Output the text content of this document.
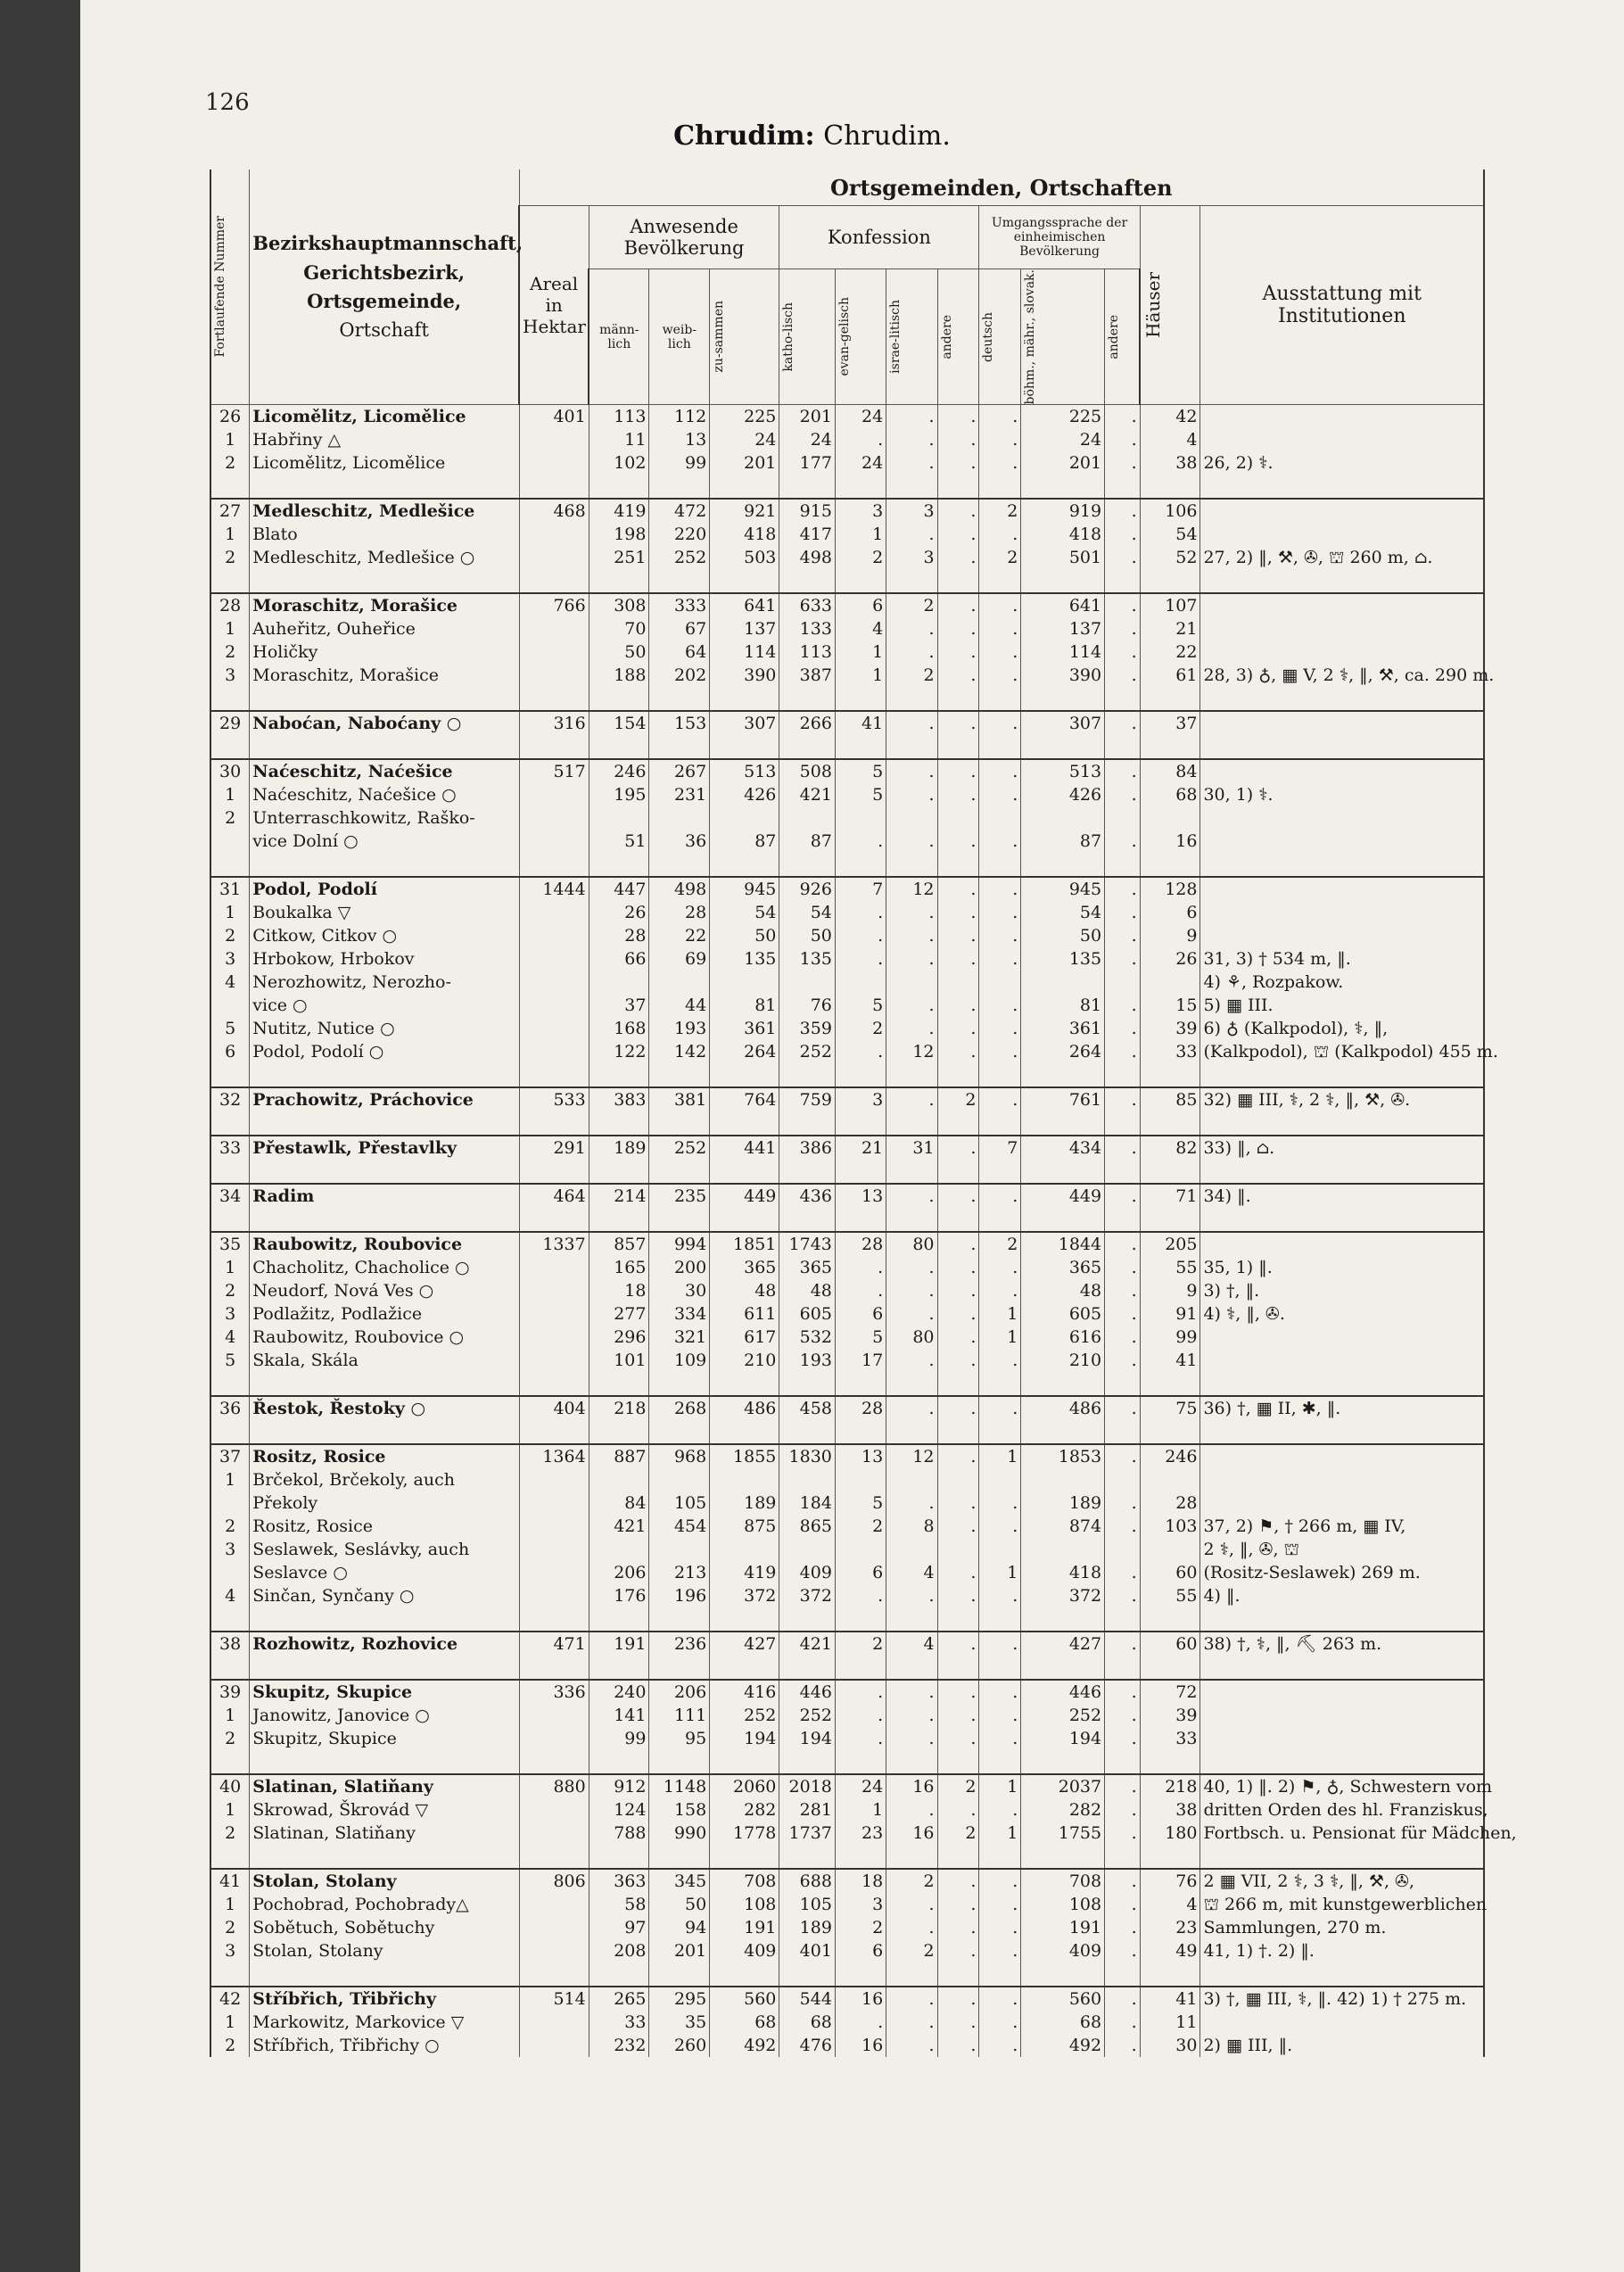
126
Chrudim: Chrudim.
Fortlaufende Nummer	Bezirkshauptmannschaft,
Gerichtsbezirk,
Ortsgemeinde,
Ortschaft	Ortsgemeinden, Ortschaften												
		Areal in Hektar	Anwesende Bevölkerung			Konfession				Umgangssprache der einheimischen Bevölkerung			Häuser	Ausstattung mit Institutionen
			männ-lich	weib-lich	zu-sammen	katho-lisch	evan-gelisch	israe-litisch	andere	deutsch	böhm., mähr., slovak.	andere		

26	Licomělitz, Licomělice	401	113	112	225	201	24	.	.	.	225	.	42	
1	Habřiny △		11	13	24	24	.	.	.	.	24	.	4	
2	Licomělitz, Licomělice		102	99	201	177	24	.	.	.	201	.	38	26, 2) ⚕.

27	Medleschitz, Medlešice	468	419	472	921	915	3	3	.	2	919	.	106	
1	Blato		198	220	418	417	1	.	.	.	418	.	54	
2	Medleschitz, Medlešice ○		251	252	503	498	2	3	.	2	501	.	52	27, 2) ‖, ⚒, ✇, ⛫ 260 m, ⌂.

28	Moraschitz, Morašice	766	308	333	641	633	6	2	.	.	641	.	107	
1	Auheřitz, Ouheřice		70	67	137	133	4	.	.	.	137	.	21	
2	Holičky		50	64	114	113	1	.	.	.	114	.	22	
3	Moraschitz, Morašice		188	202	390	387	1	2	.	.	390	.	61	28, 3) ♁, ▦ V, 2 ⚕, ‖, ⚒, ca. 290 m.

29	Naboćan, Naboćany ○	316	154	153	307	266	41	.	.	.	307	.	37	

30	Naćeschitz, Naćešice	517	246	267	513	508	5	.	.	.	513	.	84	
1	Naćeschitz, Naćešice ○		195	231	426	421	5	.	.	.	426	.	68	30, 1) ⚕.
2	Unterraschkowitz, Raško-													
	vice Dolní ○		51	36	87	87	.	.	.	.	87	.	16	

31	Podol, Podolí	1444	447	498	945	926	7	12	.	.	945	.	128	
1	Boukalka ▽		26	28	54	54	.	.	.	.	54	.	6	
2	Citkow, Citkov ○		28	22	50	50	.	.	.	.	50	.	9	
3	Hrbokow, Hrbokov		66	69	135	135	.	.	.	.	135	.	26	31, 3) † 534 m, ‖.
4	Nerozhowitz, Nerozho-													4) ⚘, Rozpakow.
	vice ○		37	44	81	76	5	.	.	.	81	.	15	5) ▦ III.
5	Nutitz, Nutice ○		168	193	361	359	2	.	.	.	361	.	39	6) ♁ (Kalkpodol), ⚕, ‖,
6	Podol, Podolí ○		122	142	264	252	.	12	.	.	264	.	33	(Kalkpodol), ⛫ (Kalkpodol) 455 m.

32	Prachowitz, Práchovice	533	383	381	764	759	3	.	2	.	761	.	85	32) ▦ III, ⚕, 2 ⚕, ‖, ⚒, ✇.

33	Přestawlk, Přestavlky	291	189	252	441	386	21	31	.	7	434	.	82	33) ‖, ⌂.

34	Radim	464	214	235	449	436	13	.	.	.	449	.	71	34) ‖.

35	Raubowitz, Roubovice	1337	857	994	1851	1743	28	80	.	2	1844	.	205	
1	Chacholitz, Chacholice ○		165	200	365	365	.	.	.	.	365	.	55	35, 1) ‖.
2	Neudorf, Nová Ves ○		18	30	48	48	.	.	.	.	48	.	9	3) †, ‖.
3	Podlažitz, Podlažice		277	334	611	605	6	.	.	1	605	.	91	4) ⚕, ‖, ✇.
4	Raubowitz, Roubovice ○		296	321	617	532	5	80	.	1	616	.	99	
5	Skala, Skála		101	109	210	193	17	.	.	.	210	.	41	

36	Řestok, Řestoky ○	404	218	268	486	458	28	.	.	.	486	.	75	36) †, ▦ II, ✱, ‖.

37	Rositz, Rosice	1364	887	968	1855	1830	13	12	.	1	1853	.	246	
1	Brčekol, Brčekoly, auch													
	Překoly		84	105	189	184	5	.	.	.	189	.	28	
2	Rositz, Rosice		421	454	875	865	2	8	.	.	874	.	103	37, 2) ⚑, † 266 m, ▦ IV,
3	Seslawek, Seslávky, auch													2 ⚕, ‖, ✇, ⛫
	Seslavce ○		206	213	419	409	6	4	.	1	418	.	60	(Rositz-Seslawek) 269 m.
4	Sinčan, Synčany ○		176	196	372	372	.	.	.	.	372	.	55	4) ‖.

38	Rozhowitz, Rozhovice	471	191	236	427	421	2	4	.	.	427	.	60	38) †, ⚕, ‖, ⛏ 263 m.

39	Skupitz, Skupice	336	240	206	416	446	.	.	.	.	446	.	72	
1	Janowitz, Janovice ○		141	111	252	252	.	.	.	.	252	.	39	
2	Skupitz, Skupice		99	95	194	194	.	.	.	.	194	.	33	

40	Slatinan, Slatiňany	880	912	1148	2060	2018	24	16	2	1	2037	.	218	40, 1) ‖. 2) ⚑, ♁, Schwestern vom
1	Skrowad, Škrovád ▽		124	158	282	281	1	.	.	.	282	.	38	dritten Orden des hl. Franziskus,
2	Slatinan, Slatiňany		788	990	1778	1737	23	16	2	1	1755	.	180	Fortbsch. u. Pensionat für Mädchen,

41	Stolan, Stolany	806	363	345	708	688	18	2	.	.	708	.	76	2 ▦ VII, 2 ⚕, 3 ⚕, ‖, ⚒, ✇,
1	Pochobrad, Pochobrady△		58	50	108	105	3	.	.	.	108	.	4	⛫ 266 m, mit kunstgewerblichen
2	Sobětuch, Sobětuchy		97	94	191	189	2	.	.	.	191	.	23	Sammlungen, 270 m.
3	Stolan, Stolany		208	201	409	401	6	2	.	.	409	.	49	41, 1) †. 2) ‖.

42	Stříbřich, Třibřichy	514	265	295	560	544	16	.	.	.	560	.	41	3) †, ▦ III, ⚕, ‖. 42) 1) † 275 m.
1	Markowitz, Markovice ▽		33	35	68	68	.	.	.	.	68	.	11	
2	Stříbřich, Třibřichy ○		232	260	492	476	16	.	.	.	492	.	30	2) ▦ III, ‖.
